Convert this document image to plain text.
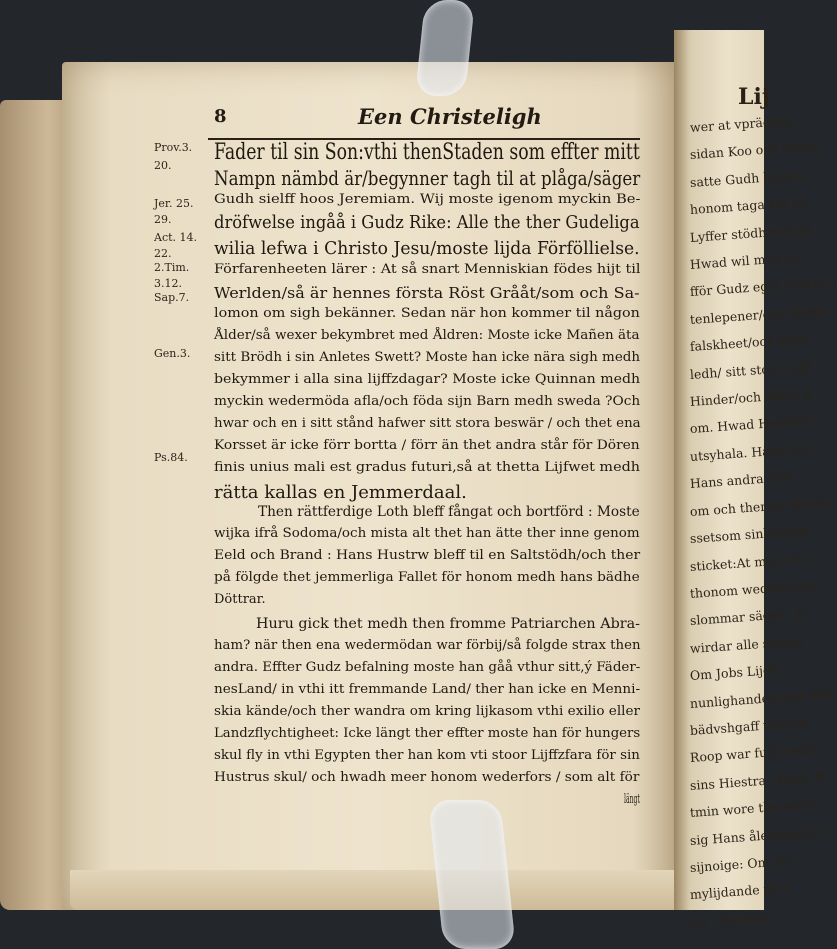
wer at vpräckna-
sidan Koo och meent
satte Gudh honom
honom taga sin So
Lyffer stödh/och gå
Hwad wil man sä
fför Gudz eget Hierta e
tenlepener/och sedan
falskheet/och sijne
ledh/ sitt stoor Lijff
Hinder/och sökte w
om. Hwad Hwßfors
utsyhala. Hans Son
Hans andra Son
om och thenne Absolo
ssetsom sinkeligen
sticket:At man inte
thonom wederfaren
slommar säger : Ja
wirdar alle städes
Om Jobs Lijdn
nunlighandec:Han förl
bädvshgaff war/all
Roop war full medh
sins Hiestra : Hans H
tmin wore the samt
sig Hans ålende/och f
sijnoige: Om ma
mylijdande på e
tar i Sanden i
Lij
8	Een Christeligh
Prov.3.
20.
Jer. 25.
29.
Act. 14.
22.
2.Tim.
3.12.
Sap.7.
Gen.3.
Ps.84.
Fader til sin Son:vthi thenStaden som effter mitt
Nampn nämbd är/begynner tagh til at plåga/säger
Gudh sielff hoos Jeremiam. Wij moste igenom myckin Be-
dröfwelse ingåå i Gudz Rike: Alle the ther Gudeliga
wilia lefwa i Christo Jesu/moste lijda Förföllielse.
Förfarenheeten lärer : At så snart Menniskian födes hijt til
Werlden/så är hennes första Röst Grååt/som och Sa-
lomon om sigh bekänner. Sedan när hon kommer til någon
Ålder/så wexer bekymbret med Åldren: Moste icke Mañen äta
sitt Brödh i sin Anletes Swett? Moste han icke nära sigh medh
bekymmer i alla sina lijffzdagar? Moste icke Quinnan medh
myckin wedermöda afla/och föda sijn Barn medh sweda ?Och
hwar och en i sitt stånd hafwer sitt stora beswär / och thet ena
Korsset är icke förr bortta / förr än thet andra står för Dören
finis unius mali est gradus futuri,så at thetta Lijfwet medh
rätta kallas en Jemmerdaal.
Then rättferdige Loth bleff fångat och bortförd : Moste
wijka ifrå Sodoma/och mista alt thet han ätte ther inne genom
Eeld och Brand : Hans Hustrw bleff til en Saltstödh/och ther
på fölgde thet jemmerliga Fallet för honom medh hans bädhe
Döttrar.
Huru gick thet medh then fromme Patriarchen Abra-
ham? när then ena wedermödan war förbij/så folgde strax then
andra. Effter Gudz befalning moste han gåå vthur sitt,ý Fäder-
nesLand/ in vthi itt fremmande Land/ ther han icke en Menni-
skia kände/och ther wandra om kring lijkasom vthi exilio eller
Landzflychtigheet: Icke längt ther effter moste han för hungers
skul fly in vthi Egypten ther han kom vti stoor Lijffzfara för sin
Hustrus skul/ och hwadh meer honom wederfors / som alt för
längt
